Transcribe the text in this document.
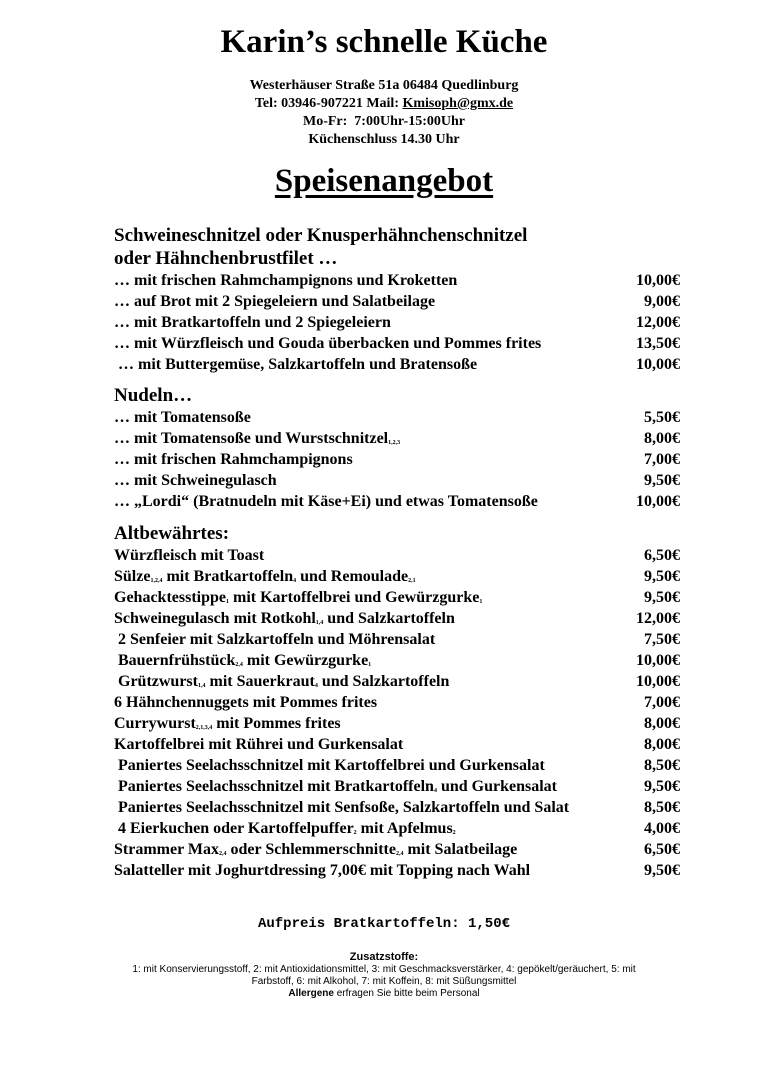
Karin’s schnelle Küche
Westerhäuser Straße 51a 06484 Quedlinburg
Tel: 03946-907221 Mail: Kmisoph@gmx.de
Mo-Fr:  7:00Uhr-15:00Uhr
Küchenschluss 14.30 Uhr
Speisenangebot
Schweineschnitzel oder Knusperhähnchenschnitzel
oder Hähnchenbrustfilet …
… mit frischen Rahmchampignons und Kroketten	10,00€
… auf Brot mit 2 Spiegeleiern und Salatbeilage	9,00€
… mit Bratkartoffeln und 2 Spiegeleiern	12,00€
… mit Würzfleisch und Gouda überbacken und Pommes frites	13,50€
… mit Buttergemüse, Salzkartoffeln und Bratensoße	10,00€
Nudeln…
… mit Tomatensoße	5,50€
… mit Tomatensoße und Wurstschnitzel1,2,3	8,00€
… mit frischen Rahmchampignons	7,00€
… mit Schweinegulasch	9,50€
… „Lordi“ (Bratnudeln mit Käse+Ei) und etwas Tomatensoße	10,00€
Altbewährtes:
Würzfleisch mit Toast	6,50€
Sülze1,2,4 mit Bratkartoffeln4 und Remoulade2,1	9,50€
Gehacktesstippe1 mit Kartoffelbrei und Gewürzgurke1	9,50€
Schweinegulasch mit Rotkohl1,4 und Salzkartoffeln	12,00€
2 Senfeier mit Salzkartoffeln und Möhrensalat	7,50€
Bauernfrühstück2,4 mit Gewürzgurke1	10,00€
Grützwurst1,4 mit Sauerkraut4 und Salzkartoffeln	10,00€
6 Hähnchennuggets mit Pommes frites	7,00€
Currywurst2,1,3,4 mit Pommes frites	8,00€
Kartoffelbrei mit Rührei und Gurkensalat	8,00€
Paniertes Seelachsschnitzel mit Kartoffelbrei und Gurkensalat	8,50€
Paniertes Seelachsschnitzel mit Bratkartoffeln4 und Gurkensalat	9,50€
Paniertes Seelachsschnitzel mit Senfsoße, Salzkartoffeln und Salat	8,50€
4 Eierkuchen oder Kartoffelpuffer2 mit Apfelmus2	4,00€
Strammer Max2,4 oder Schlemmerschnitte2,4 mit Salatbeilage	6,50€
Salatteller mit Joghurtdressing 7,00€ mit Topping nach Wahl	9,50€
Aufpreis Bratkartoffeln: 1,50€
Zusatzstoffe:
1: mit Konservierungsstoff, 2: mit Antioxidationsmittel, 3: mit Geschmacksverstärker, 4: gepökelt/geräuchert, 5: mit
Farbstoff, 6: mit Alkohol, 7: mit Koffein, 8: mit Süßungsmittel
Allergene erfragen Sie bitte beim Personal
